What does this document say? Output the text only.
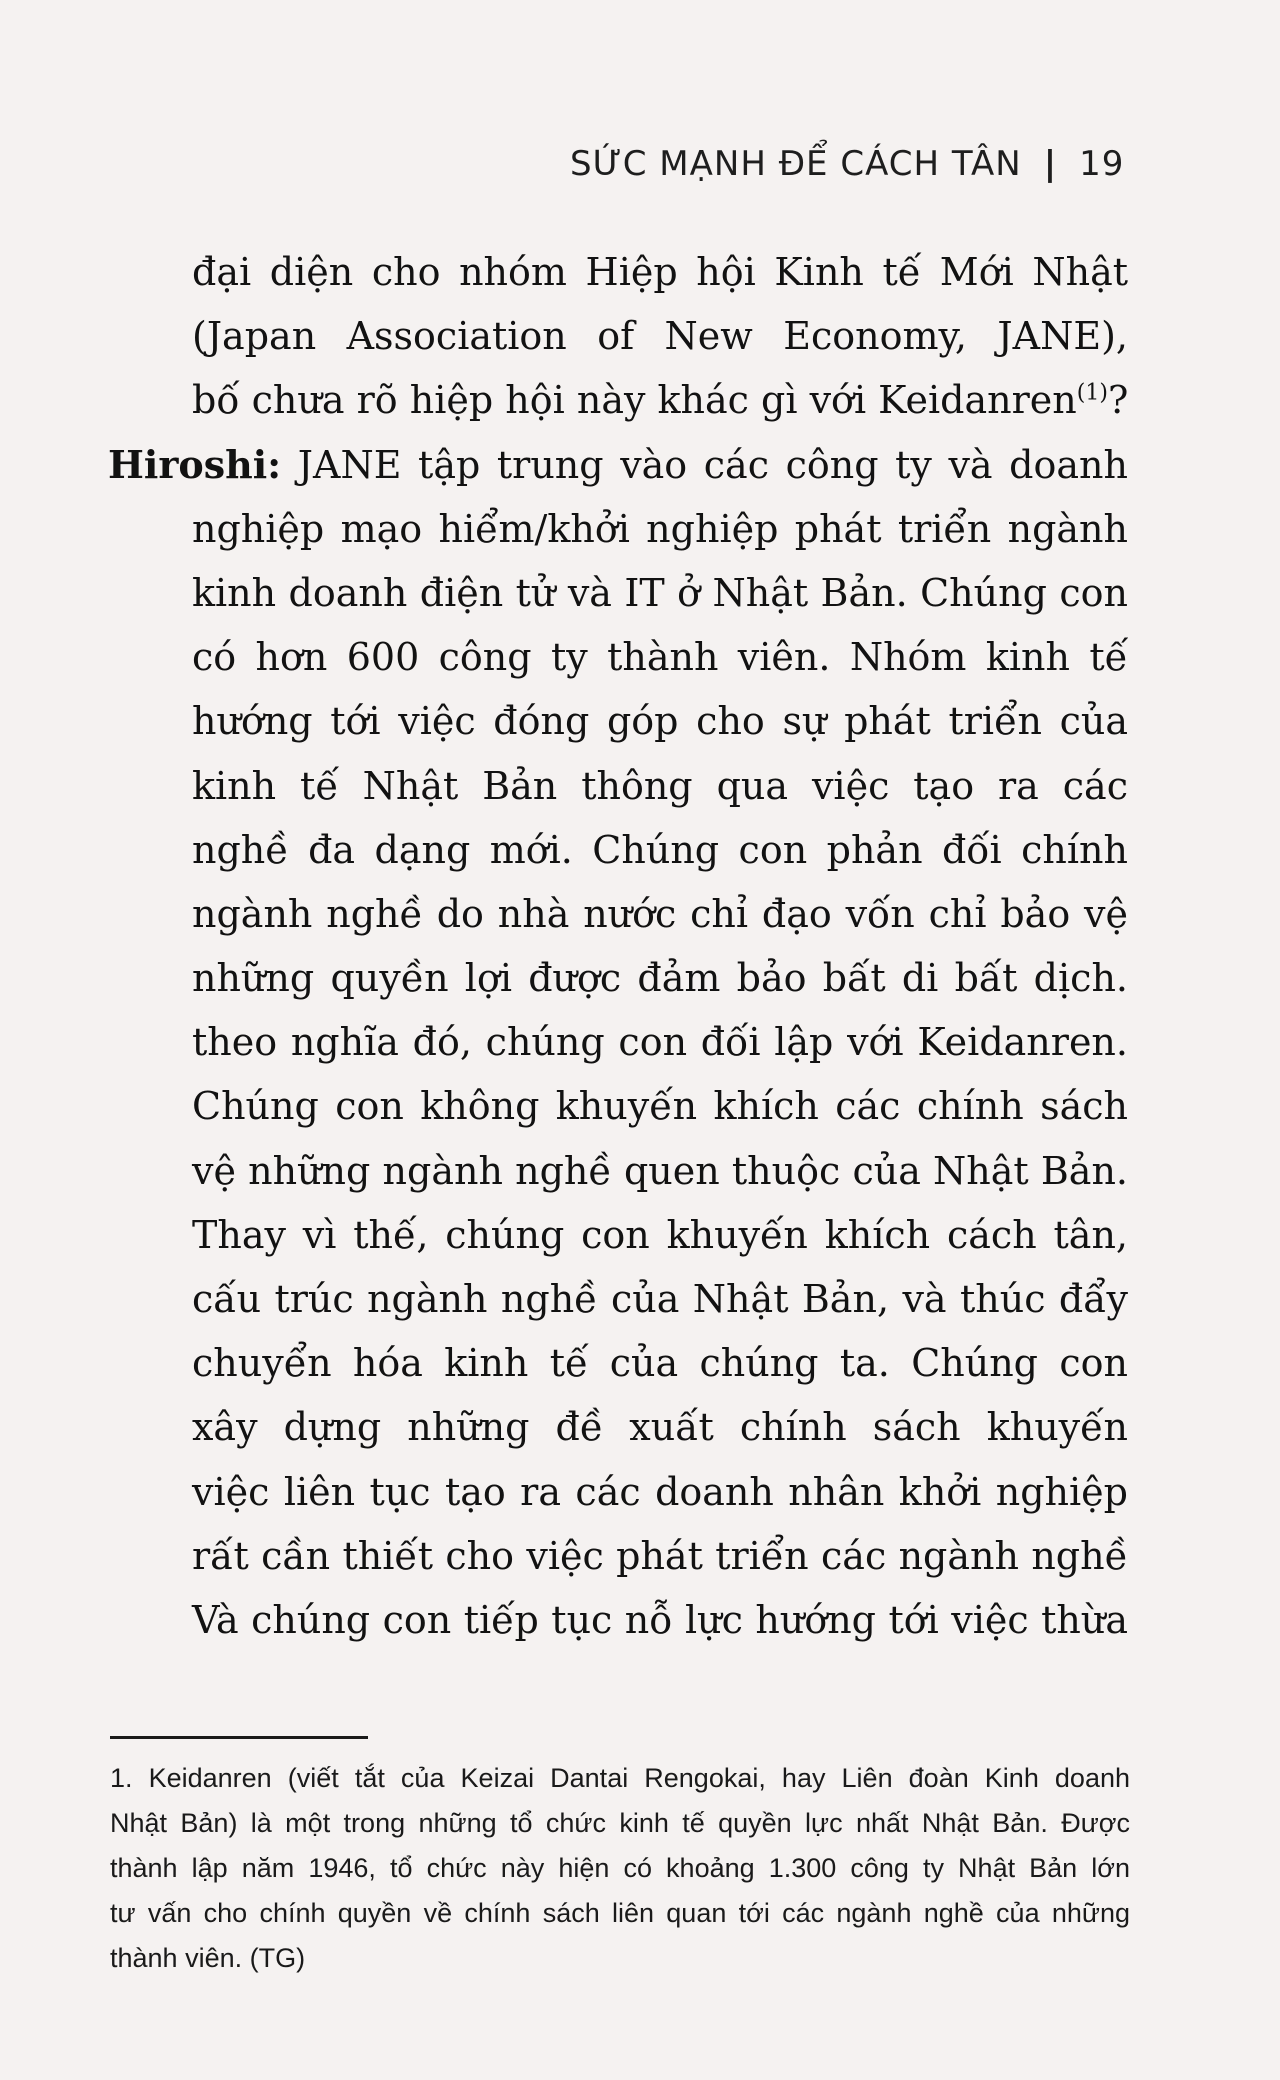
SỨC MẠNH ĐỂ CÁCH TÂN | 19
đại diện cho nhóm Hiệp hội Kinh tế Mới Nhật
(Japan Association of New Economy, JANE),
bố chưa rõ hiệp hội này khác gì với Keidanren$^{(1)}$?
Hiroshi: JANE tập trung vào các công ty và doanh
nghiệp mạo hiểm/khởi nghiệp phát triển ngành
kinh doanh điện tử và IT ở Nhật Bản. Chúng con
có hơn 600 công ty thành viên. Nhóm kinh tế
hướng tới việc đóng góp cho sự phát triển của
kinh tế Nhật Bản thông qua việc tạo ra các
nghề đa dạng mới. Chúng con phản đối chính
ngành nghề do nhà nước chỉ đạo vốn chỉ bảo vệ
những quyền lợi được đảm bảo bất di bất dịch.
theo nghĩa đó, chúng con đối lập với Keidanren.
Chúng con không khuyến khích các chính sách
vệ những ngành nghề quen thuộc của Nhật Bản.
Thay vì thế, chúng con khuyến khích cách tân,
cấu trúc ngành nghề của Nhật Bản, và thúc đẩy
chuyển hóa kinh tế của chúng ta. Chúng con
xây dựng những đề xuất chính sách khuyến
việc liên tục tạo ra các doanh nhân khởi nghiệp
rất cần thiết cho việc phát triển các ngành nghề
Và chúng con tiếp tục nỗ lực hướng tới việc thừa
1. Keidanren (viết tắt của Keizai Dantai Rengokai, hay Liên đoàn Kinh doanh
Nhật Bản) là một trong những tổ chức kinh tế quyền lực nhất Nhật Bản. Được
thành lập năm 1946, tổ chức này hiện có khoảng 1.300 công ty Nhật Bản lớn
tư vấn cho chính quyền về chính sách liên quan tới các ngành nghề của những
thành viên. (TG)
